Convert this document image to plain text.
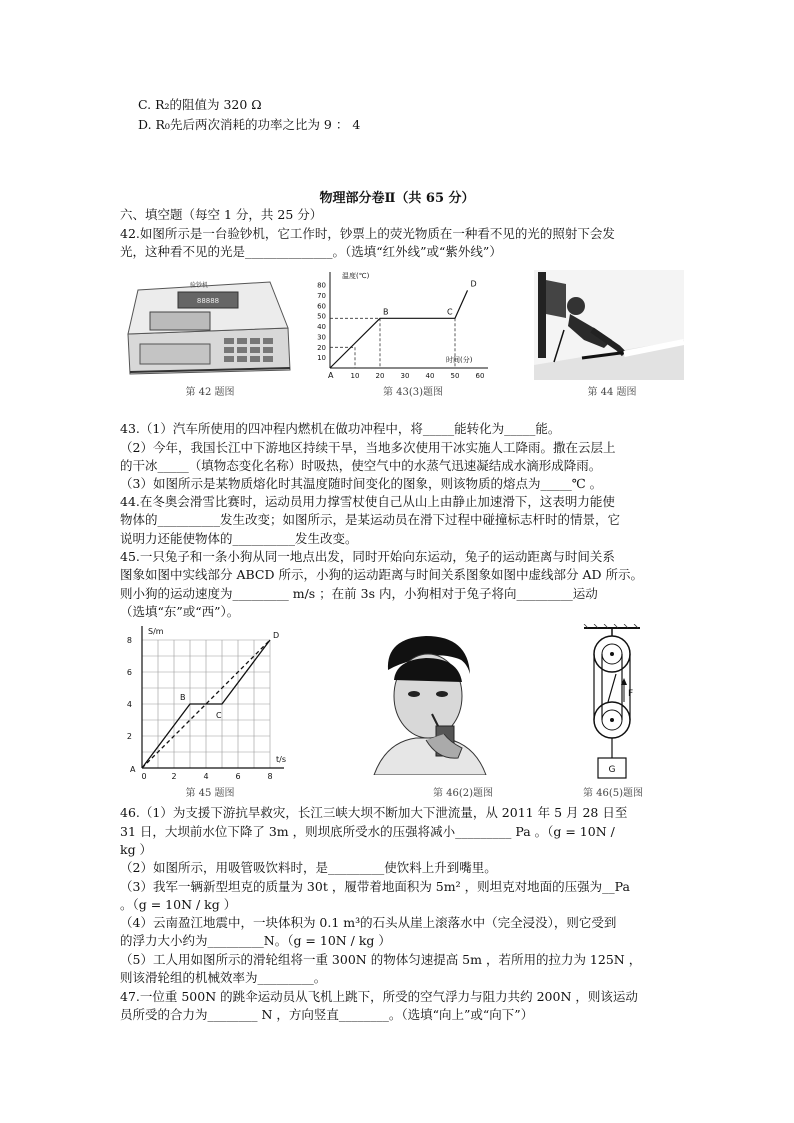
C. R₂的阻值为 320 Ω
D. R₀先后两次消耗的功率之比为 9 ： 4
物理部分卷Ⅱ（共 65 分）
六、填空题（每空 1 分，共 25 分）
42.如图所示是一台验钞机，它工作时，钞票上的荧光物质在一种看不见的光的照射下会发
光，这种看不见的光是______________。（选填“红外线”或“紫外线”）
88888
验钞机
第 42 题图
温度(℃)
时间(分)
10
20
30
40
50
60
70
80
10 20 30 40 50 60
A
B	C
D
第 43(3)题图	第 44 题图
43.（1）汽车所使用的四冲程内燃机在做功冲程中，将_____能转化为_____能。
（2）今年，我国长江中下游地区持续干旱，当地多次使用干冰实施人工降雨。撒在云层上
的干冰_____（填物态变化名称）时吸热，使空气中的水蒸气迅速凝结成水滴形成降雨。
（3）如图所示是某物质熔化时其温度随时间变化的图象，则该物质的熔点为_____℃ 。
44.在冬奥会滑雪比赛时，运动员用力撑雪杖使自己从山上由静止加速滑下，这表明力能使
物体的__________发生改变；如图所示，是某运动员在滑下过程中碰撞标志杆时的情景，它
说明力还能使物体的__________发生改变。
45.一只兔子和一条小狗从同一地点出发，同时开始向东运动，兔子的运动距离与时间关系
图象如图中实线部分 ABCD 所示，小狗的运动距离与时间关系图象如图中虚线部分 AD 所示。
则小狗的运动速度为_________ m/s ；在前 3s 内，小狗相对于兔子将向_________运动
（选填“东”或“西”）。
S/m
t/s
2
4
6
8
0	2	4	6	8
A
B
C
D
第 45 题图	第 46(2)题图
F
G
第 46(5)题图
46.（1）为支援下游抗旱救灾，长江三峡大坝不断加大下泄流量，从 2011 年 5 月 28 日至
31 日，大坝前水位下降了 3m ，则坝底所受水的压强将减小_________ Pa 。（g = 10N /
kg ）
（2）如图所示，用吸管吸饮料时，是_________使饮料上升到嘴里。
（3）我军一辆新型坦克的质量为 30t ，履带着地面积为 5m² ，则坦克对地面的压强为__Pa
。（g = 10N / kg ）
（4）云南盈江地震中，一块体积为 0.1 m³的石头从崖上滚落水中（完全浸没），则它受到
的浮力大小约为_________N。（g = 10N / kg ）
（5）工人用如图所示的滑轮组将一重 300N 的物体匀速提高 5m ，若所用的拉力为 125N ，
则该滑轮组的机械效率为_________。
47.一位重 500N 的跳伞运动员从飞机上跳下，所受的空气浮力与阻力共约 200N ，则该运动
员所受的合力为________ N ，方向竖直________。（选填“向上”或“向下”）
